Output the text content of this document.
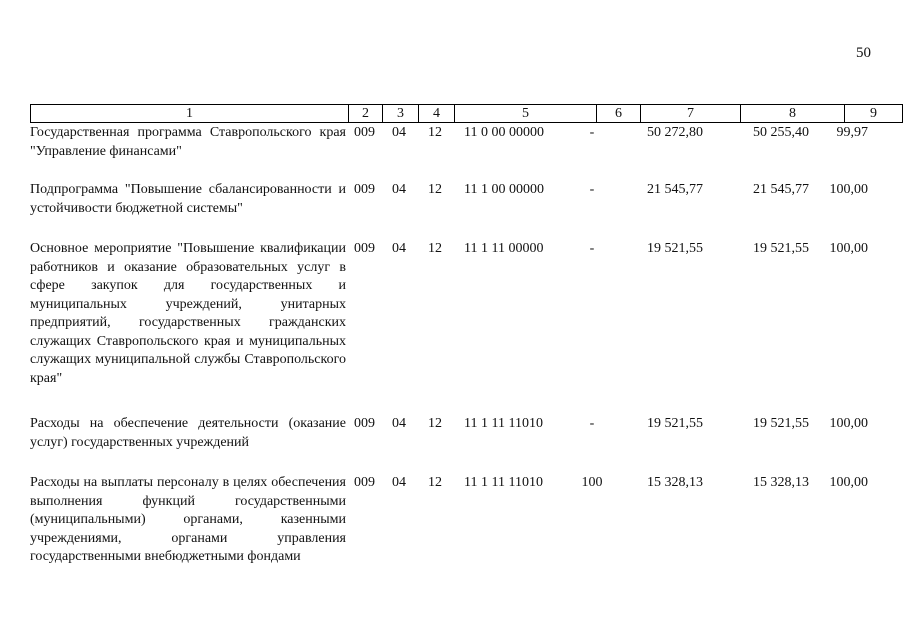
50
1	2	3	4	5	6	7	8	9
Государственная программа Ставропольского края "Управление финансами"
009	04	12	11 0 00 00000	-	50 272,80	50 255,40	99,97
Подпрограмма "Повышение сбалансированности и устойчивости бюджетной системы"
009	04	12	11 1 00 00000	-	21 545,77	21 545,77	100,00
Основное мероприятие "Повышение квалификации работников и оказание образовательных услуг в сфере закупок для государственных и муниципальных учреждений, унитарных предприятий, государственных гражданских служащих Ставропольского края и муниципальных служащих муниципальной службы Ставропольского края"
009	04	12	11 1 11 00000	-	19 521,55	19 521,55	100,00
Расходы на обеспечение деятельности (оказание услуг) государственных учреждений
009	04	12	11 1 11 11010	-	19 521,55	19 521,55	100,00
Расходы на выплаты персоналу в целях обеспечения выполнения функций государственными (муниципальными) органами, казенными учреждениями, органами управления государственными внебюджетными фондами
009	04	12	11 1 11 11010	100	15 328,13	15 328,13	100,00
